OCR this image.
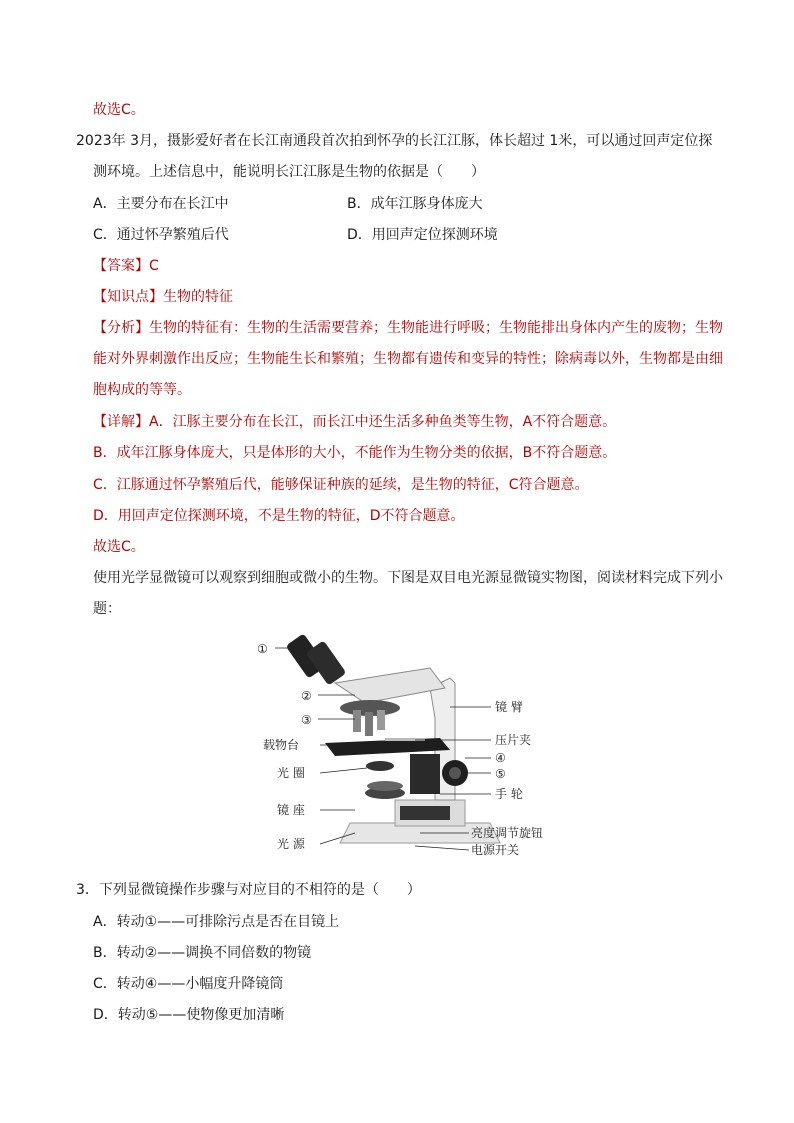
故选C。
2023年 3月，摄影爱好者在长江南通段首次拍到怀孕的长江江豚，体长超过 1米，可以通过回声定位探
测环境。上述信息中，能说明长江江豚是生物的依据是（　　）
A．主要分布在长江中	B．成年江豚身体庞大
C．通过怀孕繁殖后代	D．用回声定位探测环境
【答案】C
【知识点】生物的特征
【分析】生物的特征有：生物的生活需要营养；生物能进行呼吸；生物能排出身体内产生的废物；生物
能对外界刺激作出反应；生物能生长和繁殖；生物都有遗传和变异的特性；除病毒以外，生物都是由细
胞构成的等等。
【详解】A．江豚主要分布在长江，而长江中还生活多种鱼类等生物，A不符合题意。
B．成年江豚身体庞大，只是体形的大小，不能作为生物分类的依据，B不符合题意。
C．江豚通过怀孕繁殖后代，能够保证种族的延续，是生物的特征，C符合题意。
D．用回声定位探测环境，不是生物的特征，D不符合题意。
故选C。
使用光学显微镜可以观察到细胞或微小的生物。下图是双目电光源显微镜实物图，阅读材料完成下列小
题：
①
②
③
镜 臂
载物台	压片夹
④
⑤
光 圈
手 轮
镜 座
光 源
亮度调节旋钮
电源开关
3．下列显微镜操作步骤与对应目的不相符的是（　　）
A．转动①——可排除污点是否在目镜上
B．转动②——调换不同倍数的物镜
C．转动④——小幅度升降镜筒
D．转动⑤——使物像更加清晰
